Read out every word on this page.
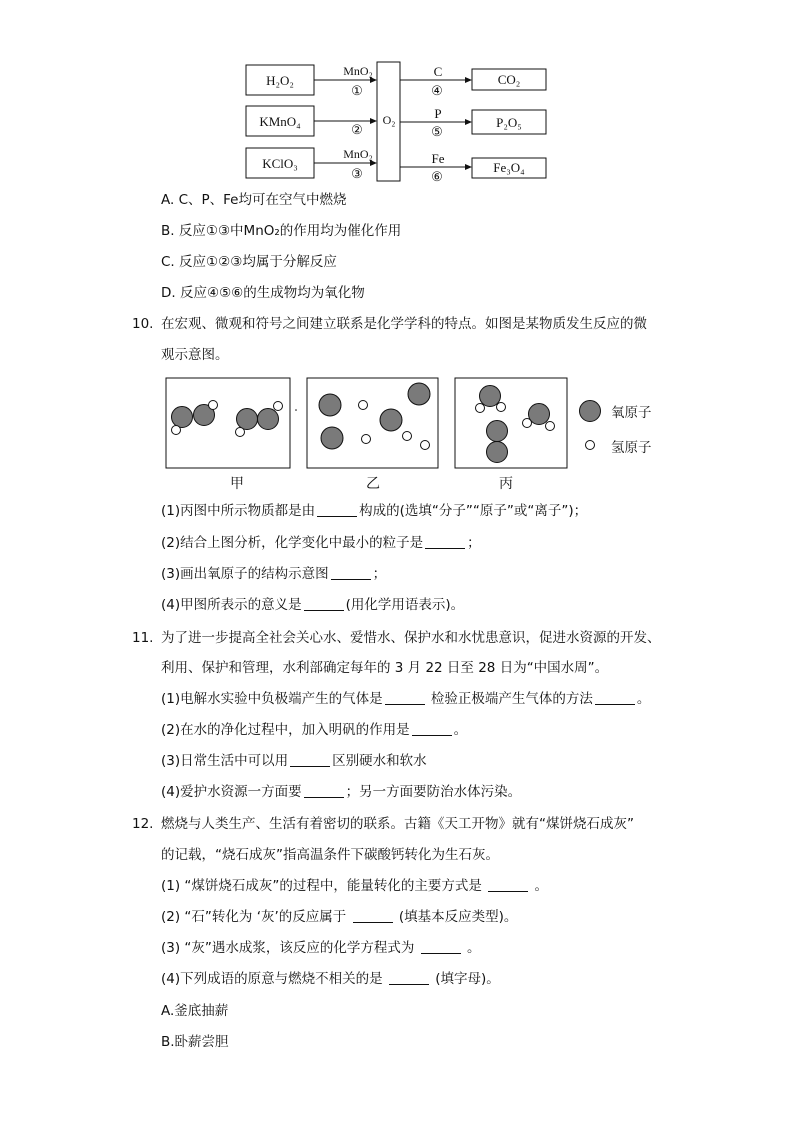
H₂O₂
KMnO₄
KClO₃
MnO₂
①
②
MnO₂
③
O₂
C
④
P
⑤
Fe
⑥
CO₂
P₂O₅
Fe₃O₄
A. C、P、Fe均可在空气中燃烧
B. 反应①③中MnO₂的作用均为催化作用
C. 反应①②③均属于分解反应
D. 反应④⑤⑥的生成物均为氧化物
10. 在宏观、微观和符号之间建立联系是化学学科的特点。如图是某物质发生反应的微
观示意图。
氧原子
氢原子
甲	乙	丙
(1)丙图中所示物质都是由	构成的(选填“分子”“原子”或“离子”)；
(2)结合上图分析，化学变化中最小的粒子是	；
(3)画出氧原子的结构示意图	；
(4)甲图所表示的意义是	(用化学用语表示)。
11. 为了进一步提高全社会关心水、爱惜水、保护水和水忧患意识，促进水资源的开发、
利用、保护和管理，水利部确定每年的 3 月 22 日至 28 日为“中国水周”。
(1)电解水实验中负极端产生的气体是	检验正极端产生气体的方法	。
(2)在水的净化过程中，加入明矾的作用是	。
(3)日常生活中可以用	区别硬水和软水
(4)爱护水资源一方面要	；另一方面要防治水体污染。
12. 燃烧与人类生产、生活有着密切的联系。古籍《天工开物》就有“煤饼烧石成灰”
的记载，“烧石成灰”指高温条件下碳酸钙转化为生石灰。
(1) “煤饼烧石成灰”的过程中，能量转化的主要方式是	。
(2) “石”转化为 ‘灰’的反应属于	(填基本反应类型)。
(3) “灰”遇水成浆，该反应的化学方程式为	。
(4)下列成语的原意与燃烧不相关的是	(填字母)。
A.釜底抽薪
B.卧薪尝胆
